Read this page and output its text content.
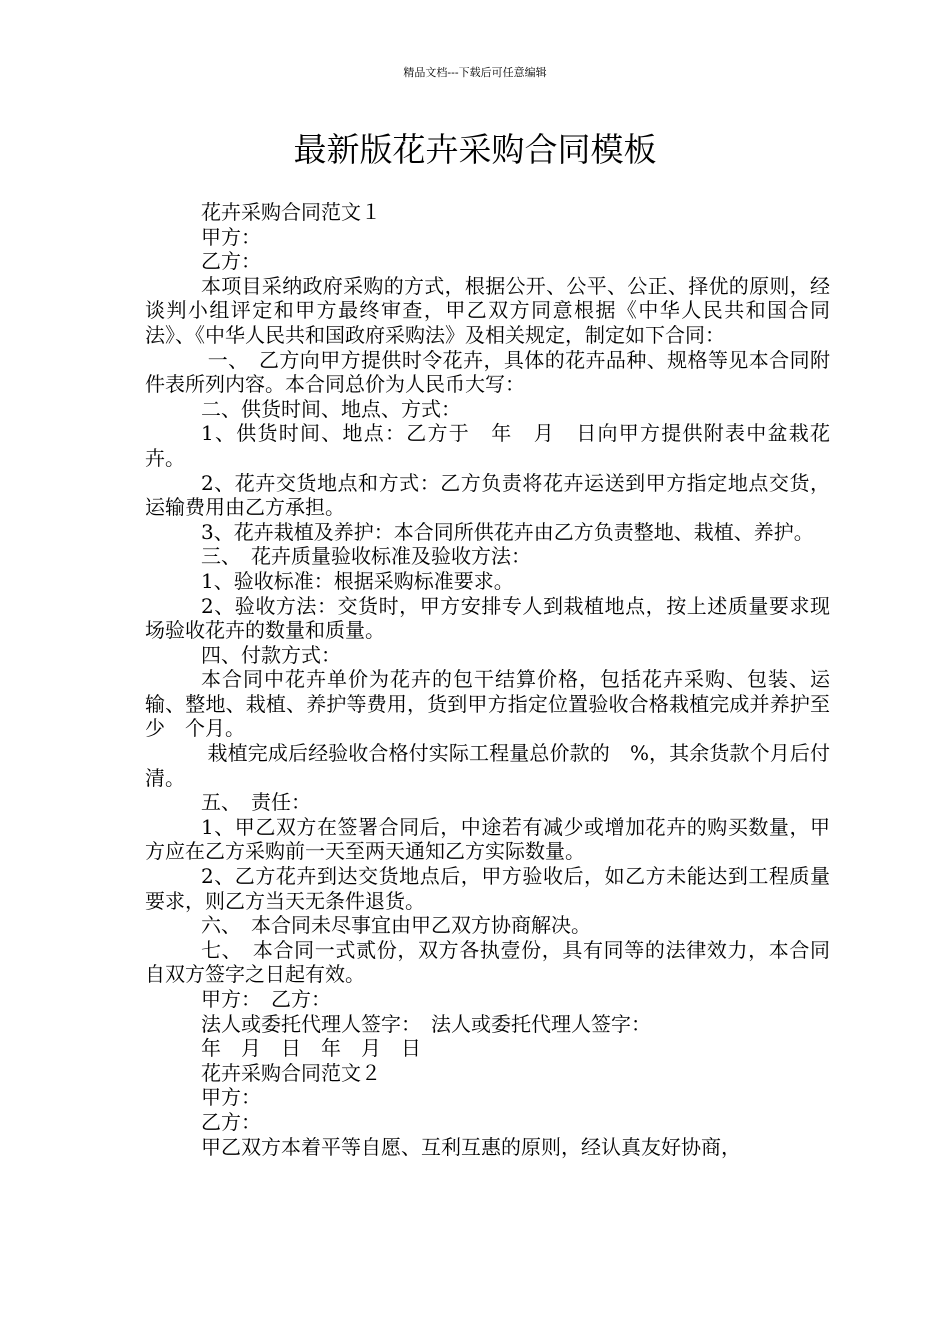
精品文档---下载后可任意编辑
最新版花卉采购合同模板

花卉采购合同范文１

甲方：

乙方：

本项目采纳政府采购的方式，根据公开、公平、公正、择优的原则，经谈判小组评定和甲方最终审查，甲乙双方同意根据《中华人民共和国合同法》、《中华人民共和国政府采购法》及相关规定，制定如下合同：

一、　乙方向甲方提供时令花卉，具体的花卉品种、规格等见本合同附件表所列内容。本合同总价为人民币大写：

二、供货时间、地点、方式：

1、供货时间、地点：乙方于　年　月　日向甲方提供附表中盆栽花卉。

2、花卉交货地点和方式：乙方负责将花卉运送到甲方指定地点交货，运输费用由乙方承担。

3、花卉栽植及养护：本合同所供花卉由乙方负责整地、栽植、养护。

三、　花卉质量验收标准及验收方法：

1、验收标准：根据采购标准要求。

2、验收方法：交货时，甲方安排专人到栽植地点，按上述质量要求现场验收花卉的数量和质量。

四、付款方式：

本合同中花卉单价为花卉的包干结算价格，包括花卉采购、包装、运输、整地、栽植、养护等费用，货到甲方指定位置验收合格栽植完成并养护至少　个月。

栽植完成后经验收合格付实际工程量总价款的　%，其余货款个月后付清。

五、　责任：

1、甲乙双方在签署合同后，中途若有减少或增加花卉的购买数量，甲方应在乙方采购前一天至两天通知乙方实际数量。

2、乙方花卉到达交货地点后，甲方验收后，如乙方未能达到工程质量要求，则乙方当天无条件退货。

六、　本合同未尽事宜由甲乙双方协商解决。

七、　本合同一式贰份，双方各执壹份，具有同等的法律效力，本合同自双方签字之日起有效。

甲方：　乙方：

法人或委托代理人签字：　法人或委托代理人签字：

年　月　日　年　月　日

花卉采购合同范文２

甲方：

乙方：

甲乙双方本着平等自愿、互利互惠的原则，经认真友好协商，
